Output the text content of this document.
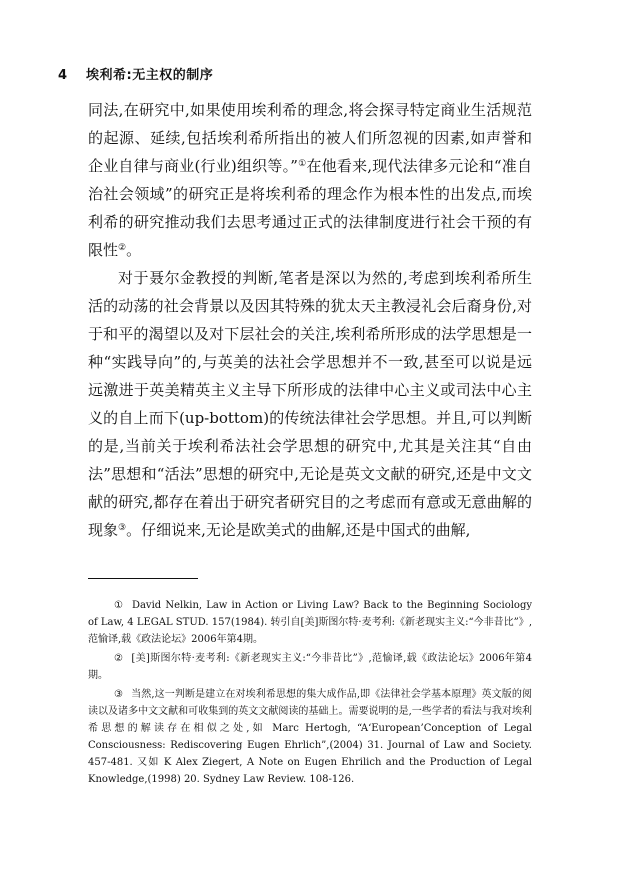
4 埃利希:无主权的制序

同法,在研究中,如果使用埃利希的理念,将会探寻特定商业生活规范的起源、延续,包括埃利希所指出的被人们所忽视的因素,如声誉和企业自律与商业(行业)组织等。”①在他看来,现代法律多元论和“准自治社会领域”的研究正是将埃利希的理念作为根本性的出发点,而埃利希的研究推动我们去思考通过正式的法律制度进行社会干预的有限性②。

对于聂尔金教授的判断,笔者是深以为然的,考虑到埃利希所生活的动荡的社会背景以及因其特殊的犹太天主教浸礼会后裔身份,对于和平的渴望以及对下层社会的关注,埃利希所形成的法学思想是一种“实践导向”的,与英美的法社会学思想并不一致,甚至可以说是远远激进于英美精英主义主导下所形成的法律中心主义或司法中心主义的自上而下(up-bottom)的传统法律社会学思想。并且,可以判断的是,当前关于埃利希法社会学思想的研究中,尤其是关注其“自由法”思想和“活法”思想的研究中,无论是英文文献的研究,还是中文文献的研究,都存在着出于研究者研究目的之考虑而有意或无意曲解的现象③。仔细说来,无论是欧美式的曲解,还是中国式的曲解,

① David Nelkin, Law in Action or Living Law? Back to the Beginning Sociology of Law, 4 LEGAL STUD. 157(1984). 转引自[美]斯图尔特·麦考利:《新老现实主义:“今非昔比”》,范愉译,载《政法论坛》2006年第4期。

② [美]斯图尔特·麦考利:《新老现实主义:“今非昔比”》,范愉译,载《政法论坛》2006年第4期。

③ 当然,这一判断是建立在对埃利希思想的集大成作品,即《法律社会学基本原理》英文版的阅读以及诸多中文文献和可收集到的英文文献阅读的基础上。需要说明的是,一些学者的看法与我对埃利希思想的解读存在相似之处,如 Marc Hertogh, “A‘European’Conception of Legal Consciousness: Rediscovering Eugen Ehrlich”,(2004) 31. Journal of Law and Society. 457-481. 又如 K Alex Ziegert, A Note on Eugen Ehrilich and the Production of Legal Knowledge,(1998) 20. Sydney Law Review. 108-126.
